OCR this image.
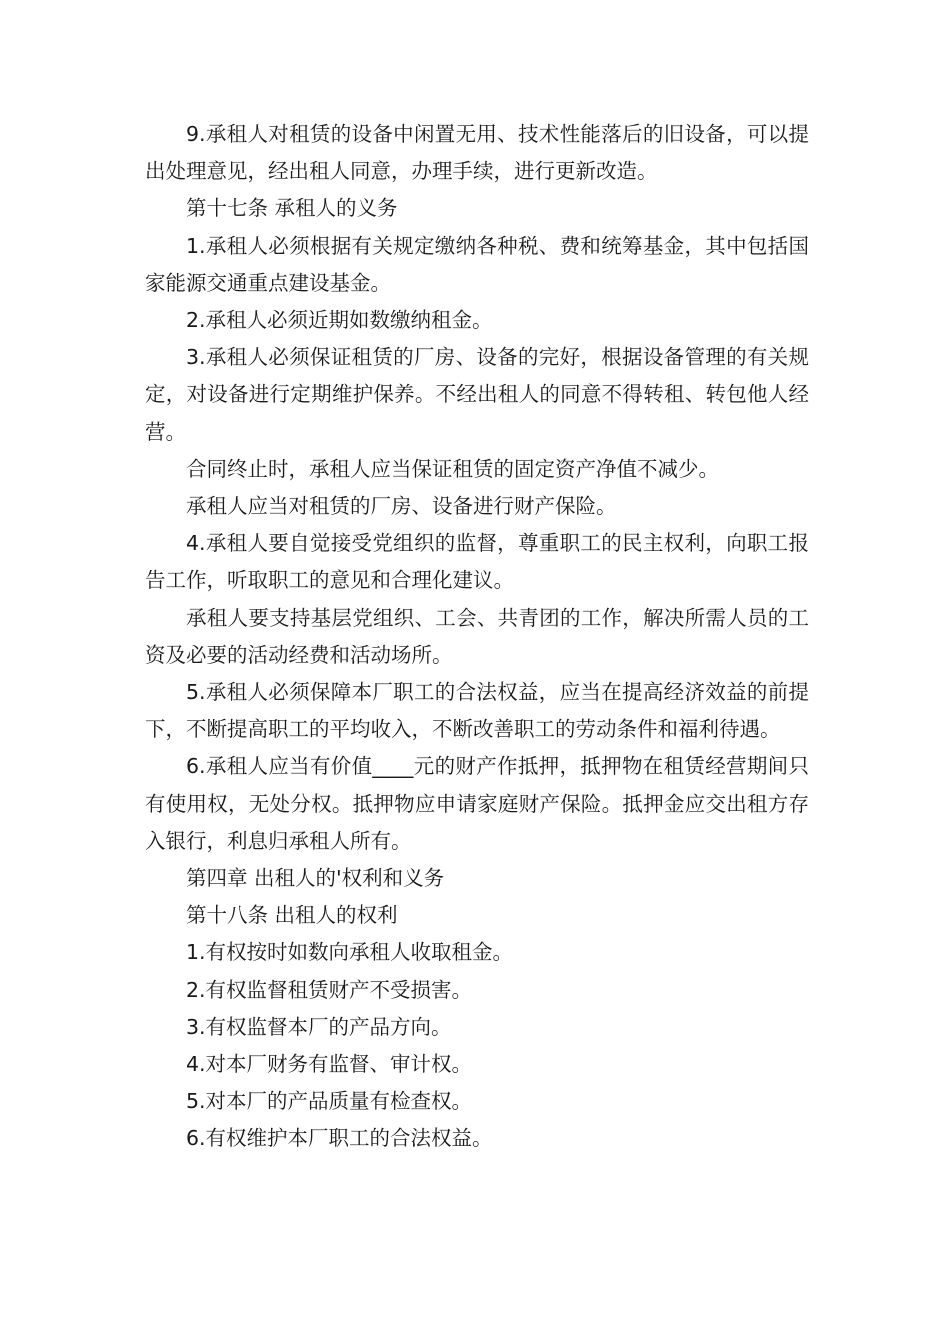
9.承租人对租赁的设备中闲置无用、技术性能落后的旧设备，可以提出处理意见，经出租人同意，办理手续，进行更新改造。

第十七条 承租人的义务

1.承租人必须根据有关规定缴纳各种税、费和统筹基金，其中包括国家能源交通重点建设基金。

2.承租人必须近期如数缴纳租金。

3.承租人必须保证租赁的厂房、设备的完好，根据设备管理的有关规定，对设备进行定期维护保养。不经出租人的同意不得转租、转包他人经营。

合同终止时，承租人应当保证租赁的固定资产净值不减少。

承租人应当对租赁的厂房、设备进行财产保险。

4.承租人要自觉接受党组织的监督，尊重职工的民主权利，向职工报告工作，听取职工的意见和合理化建议。

承租人要支持基层党组织、工会、共青团的工作，解决所需人员的工资及必要的活动经费和活动场所。

5.承租人必须保障本厂职工的合法权益，应当在提高经济效益的前提下，不断提高职工的平均收入，不断改善职工的劳动条件和福利待遇。

6.承租人应当有价值____元的财产作抵押，抵押物在租赁经营期间只有使用权，无处分权。抵押物应申请家庭财产保险。抵押金应交出租方存入银行，利息归承租人所有。

第四章 出租人的'权利和义务

第十八条 出租人的权利

1.有权按时如数向承租人收取租金。

2.有权监督租赁财产不受损害。

3.有权监督本厂的产品方向。

4.对本厂财务有监督、审计权。

5.对本厂的产品质量有检查权。

6.有权维护本厂职工的合法权益。
